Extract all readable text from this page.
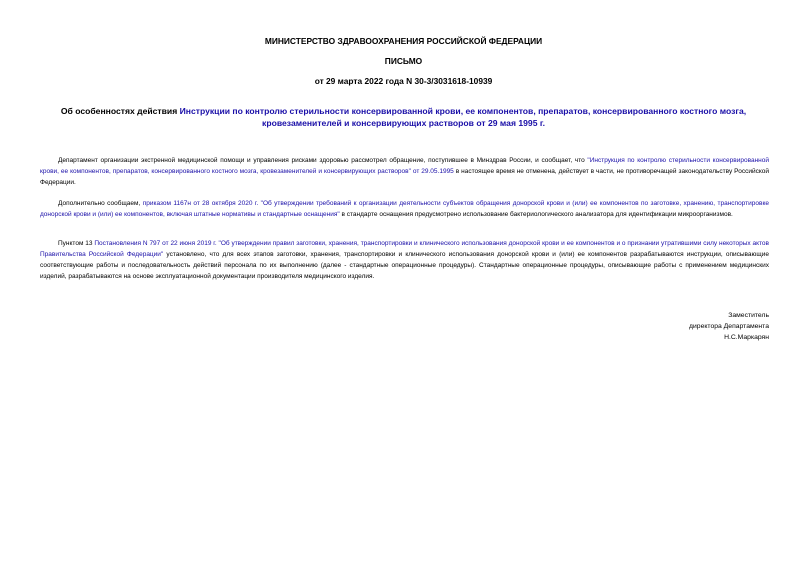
МИНИСТЕРСТВО ЗДРАВООХРАНЕНИЯ РОССИЙСКОЙ ФЕДЕРАЦИИ

ПИСЬМО

от 29 марта 2022 года N 30-3/3031618-10939

Об особенностях действия Инструкции по контролю стерильности консервированной крови, ее компонентов, препаратов, консервированного костного мозга, кровезаменителей и консервирующих растворов от 29 мая 1995 г.

Департамент организации экстренной медицинской помощи и управления рисками здоровью рассмотрел обращение, поступившее в Минздрав России, и сообщает, что "Инструкция по контролю стерильности консервированной крови, ее компонентов, препаратов, консервированного костного мозга, кровезаменителей и консервирующих растворов" от 29.05.1995 в настоящее время не отменена, действует в части, не противоречащей законодательству Российской Федерации.

Дополнительно сообщаем, приказом 1167н от 28 октября 2020 г. "Об утверждении требований к организации деятельности субъектов обращения донорской крови и (или) ее компонентов по заготовке, хранению, транспортировке донорской крови и (или) ее компонентов, включая штатные нормативы и стандартные оснащения" в стандарте оснащения предусмотрено использование бактериологического анализатора для идентификации микроорганизмов.

Пунктом 13 Постановления N 797 от 22 июня 2019 г. "Об утверждении правил заготовки, хранения, транспортировки и клинического использования донорской крови и ее компонентов и о признании утратившими силу некоторых актов Правительства Российской Федерации" установлено, что для всех этапов заготовки, хранения, транспортировки и клинического использования донорской крови и (или) ее компонентов разрабатываются инструкции, описывающие соответствующие работы и последовательность действий персонала по их выполнению (далее - стандартные операционные процедуры). Стандартные операционные процедуры, описывающие работы с применением медицинских изделий, разрабатываются на основе эксплуатационной документации производителя медицинского изделия.

Заместитель
директора Департамента
Н.С.Маркарян
